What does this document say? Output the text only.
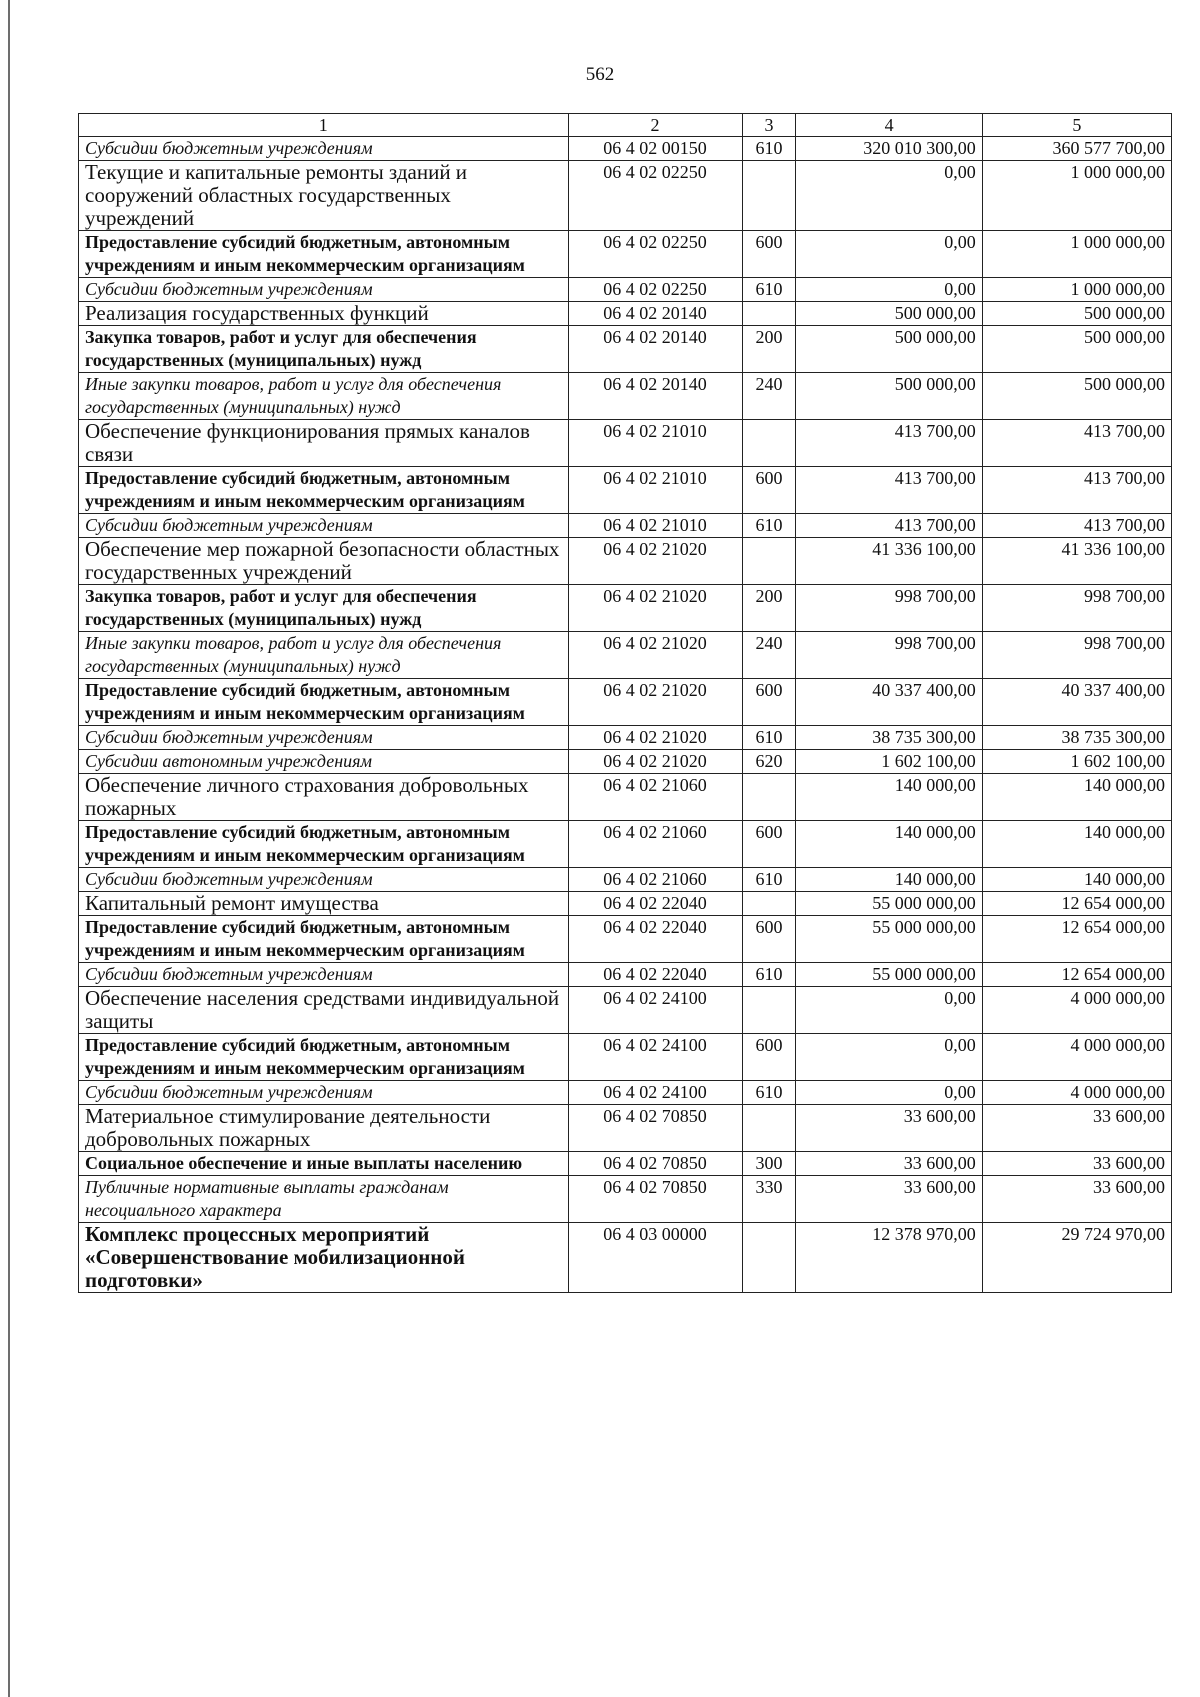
562
1	2	3	4	5
Субсидии бюджетным учреждениям	06 4 02 00150	610	320 010 300,00	360 577 700,00
Текущие и капитальные ремонты зданий и сооружений областных государственных учреждений	06 4 02 02250		0,00	1 000 000,00
Предоставление субсидий бюджетным, автономным учреждениям и иным некоммерческим организациям	06 4 02 02250	600	0,00	1 000 000,00
Субсидии бюджетным учреждениям	06 4 02 02250	610	0,00	1 000 000,00
Реализация государственных функций	06 4 02 20140		500 000,00	500 000,00
Закупка товаров, работ и услуг для обеспечения государственных (муниципальных) нужд	06 4 02 20140	200	500 000,00	500 000,00
Иные закупки товаров, работ и услуг для обеспечения государственных (муниципальных) нужд	06 4 02 20140	240	500 000,00	500 000,00
Обеспечение функционирования прямых каналов связи	06 4 02 21010		413 700,00	413 700,00
Предоставление субсидий бюджетным, автономным учреждениям и иным некоммерческим организациям	06 4 02 21010	600	413 700,00	413 700,00
Субсидии бюджетным учреждениям	06 4 02 21010	610	413 700,00	413 700,00
Обеспечение мер пожарной безопасности областных государственных учреждений	06 4 02 21020		41 336 100,00	41 336 100,00
Закупка товаров, работ и услуг для обеспечения государственных (муниципальных) нужд	06 4 02 21020	200	998 700,00	998 700,00
Иные закупки товаров, работ и услуг для обеспечения государственных (муниципальных) нужд	06 4 02 21020	240	998 700,00	998 700,00
Предоставление субсидий бюджетным, автономным учреждениям и иным некоммерческим организациям	06 4 02 21020	600	40 337 400,00	40 337 400,00
Субсидии бюджетным учреждениям	06 4 02 21020	610	38 735 300,00	38 735 300,00
Субсидии автономным учреждениям	06 4 02 21020	620	1 602 100,00	1 602 100,00
Обеспечение личного страхования добровольных пожарных	06 4 02 21060		140 000,00	140 000,00
Предоставление субсидий бюджетным, автономным учреждениям и иным некоммерческим организациям	06 4 02 21060	600	140 000,00	140 000,00
Субсидии бюджетным учреждениям	06 4 02 21060	610	140 000,00	140 000,00
Капитальный ремонт имущества	06 4 02 22040		55 000 000,00	12 654 000,00
Предоставление субсидий бюджетным, автономным учреждениям и иным некоммерческим организациям	06 4 02 22040	600	55 000 000,00	12 654 000,00
Субсидии бюджетным учреждениям	06 4 02 22040	610	55 000 000,00	12 654 000,00
Обеспечение населения средствами индивидуальной защиты	06 4 02 24100		0,00	4 000 000,00
Предоставление субсидий бюджетным, автономным учреждениям и иным некоммерческим организациям	06 4 02 24100	600	0,00	4 000 000,00
Субсидии бюджетным учреждениям	06 4 02 24100	610	0,00	4 000 000,00
Материальное стимулирование деятельности добровольных пожарных	06 4 02 70850		33 600,00	33 600,00
Социальное обеспечение и иные выплаты населению	06 4 02 70850	300	33 600,00	33 600,00
Публичные нормативные выплаты гражданам несоциального характера	06 4 02 70850	330	33 600,00	33 600,00
Комплекс процессных мероприятий «Совершенствование мобилизационной подготовки»	06 4 03 00000		12 378 970,00	29 724 970,00
